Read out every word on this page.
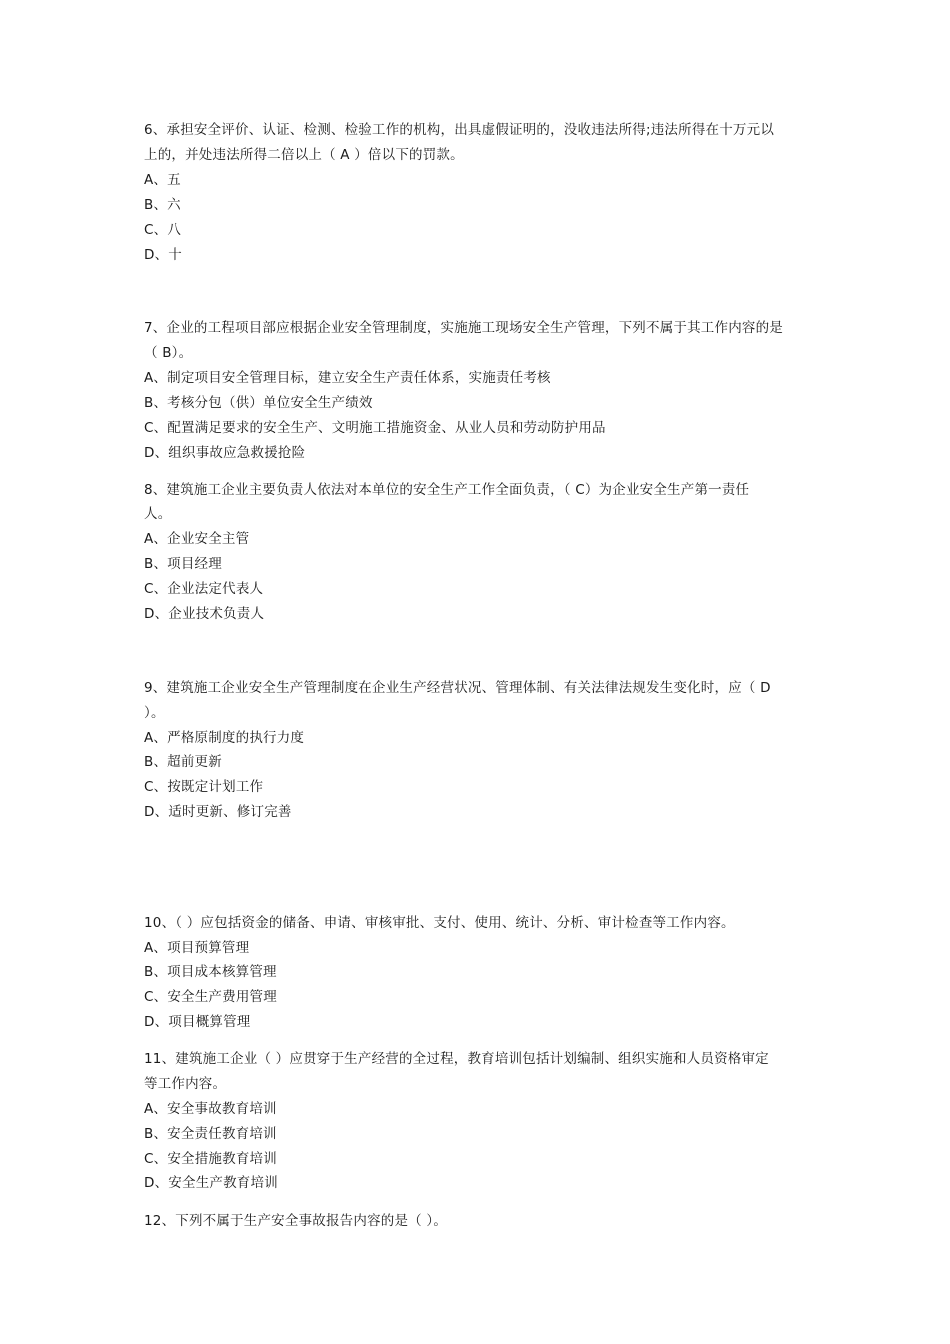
6、承担安全评价、认证、检测、检验工作的机构，出具虚假证明的，没收违法所得;违法所得在十万元以
上的，并处违法所得二倍以上（ A ）倍以下的罚款。
A、五
B、六
C、八
D、十
7、企业的工程项目部应根据企业安全管理制度，实施施工现场安全生产管理，下列不属于其工作内容的是
（ B）。
A、制定项目安全管理目标，建立安全生产责任体系，实施责任考核
B、考核分包（供）单位安全生产绩效
C、配置满足要求的安全生产、文明施工措施资金、从业人员和劳动防护用品
D、组织事故应急救援抢险
8、建筑施工企业主要负责人依法对本单位的安全生产工作全面负责，（ C）为企业安全生产第一责任
人。
A、企业安全主管
B、项目经理
C、企业法定代表人
D、企业技术负责人
9、建筑施工企业安全生产管理制度在企业生产经营状况、管理体制、有关法律法规发生变化时，应（ D
）。
A、严格原制度的执行力度
B、超前更新
C、按既定计划工作
D、适时更新、修订完善
10、（ ）应包括资金的储备、申请、审核审批、支付、使用、统计、分析、审计检查等工作内容。
A、项目预算管理
B、项目成本核算管理
C、安全生产费用管理
D、项目概算管理
11、建筑施工企业（ ）应贯穿于生产经营的全过程，教育培训包括计划编制、组织实施和人员资格审定
等工作内容。
A、安全事故教育培训
B、安全责任教育培训
C、安全措施教育培训
D、安全生产教育培训
12、下列不属于生产安全事故报告内容的是（ ）。
